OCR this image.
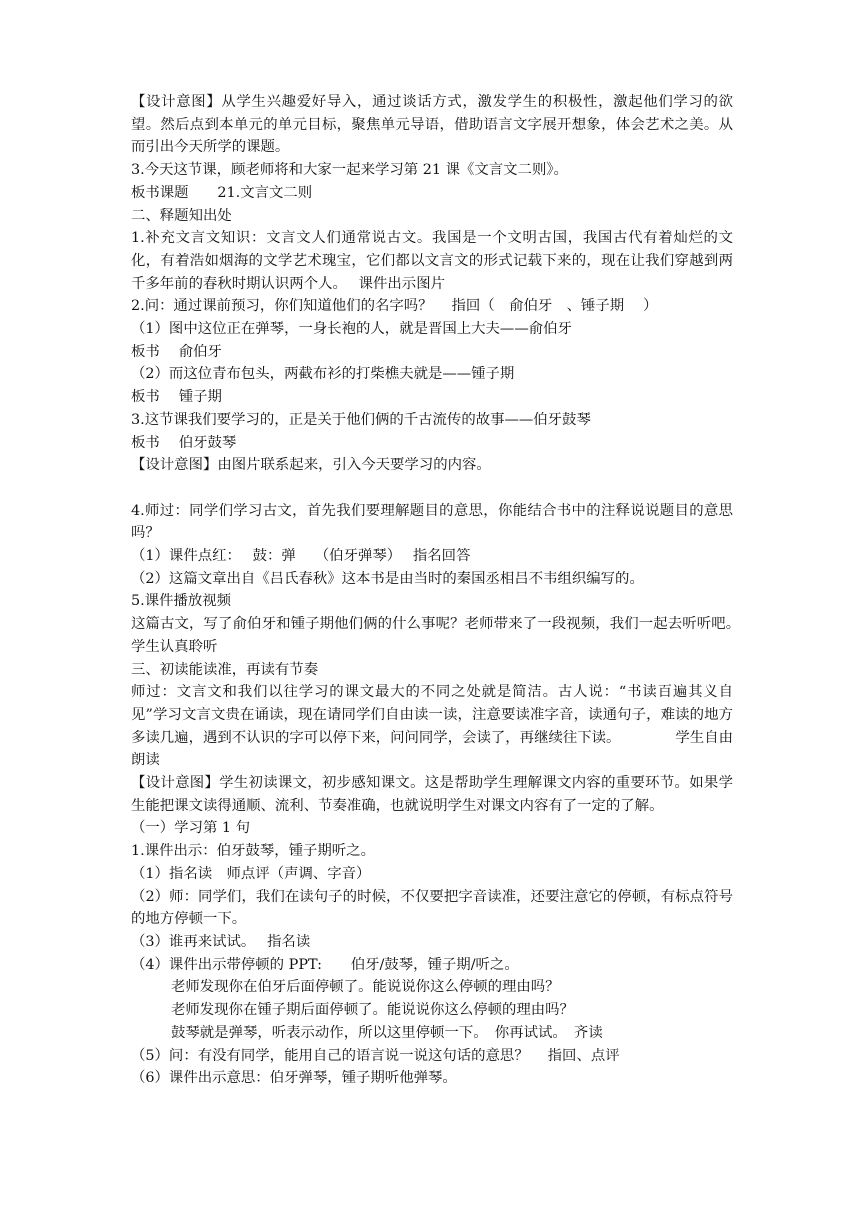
【设计意图】从学生兴趣爱好导入，通过谈话方式，激发学生的积极性，激起他们学习的欲望。然后点到本单元的单元目标，聚焦单元导语，借助语言文字展开想象，体会艺术之美。从而引出今天所学的课题。

3.今天这节课，顾老师将和大家一起来学习第 21 课《文言文二则》。

板书课题　　21.文言文二则

二、释题知出处

1.补充文言文知识：文言文人们通常说古文。我国是一个文明古国，我国古代有着灿烂的文化，有着浩如烟海的文学艺术瑰宝，它们都以文言文的形式记载下来的，现在让我们穿越到两千多年前的春秋时期认识两个人。　 课件出示图片

2.问：通过课前预习，你们知道他们的名字吗？　 指回（　俞伯牙　、锤子期　 ）

（1）图中这位正在弹琴，一身长袍的人，就是晋国上大夫——俞伯牙

板书　 俞伯牙

（2）而这位青布包头，两截布衫的打柴樵夫就是——锺子期

板书　 锺子期

3.这节课我们要学习的，正是关于他们俩的千古流传的故事——伯牙鼓琴

板书　 伯牙鼓琴

【设计意图】由图片联系起来，引入今天要学习的内容。

4.师过：同学们学习古文，首先我们要理解题目的意思，你能结合书中的注释说说题目的意思吗？

（1）课件点红：　 鼓：弹　 （伯牙弹琴）　 指名回答

（2）这篇文章出自《吕氏春秋》这本书是由当时的秦国丞相吕不韦组织编写的。

5.课件播放视频

这篇古文，写了俞伯牙和锺子期他们俩的什么事呢？老师带来了一段视频，我们一起去听听吧。　　　　　学生认真聆听

三、初读能读准，再读有节奏

师过：文言文和我们以往学习的课文最大的不同之处就是简洁。古人说：“书读百遍其义自见”学习文言文贵在诵读，现在请同学们自由读一读，注意要读准字音，读通句子，难读的地方多读几遍，遇到不认识的字可以停下来，问问同学，会读了，再继续往下读。　　　　 学生自由朗读

【设计意图】学生初读课文，初步感知课文。这是帮助学生理解课文内容的重要环节。如果学生能把课文读得通顺、流利、节奏准确，也就说明学生对课文内容有了一定的了解。

（一）学习第 1 句

1.课件出示：伯牙鼓琴，锺子期听之。

（1）指名读　师点评（声调、字音）

（2）师：同学们，我们在读句子的时候，不仅要把字音读准，还要注意它的停顿，有标点符号的地方停顿一下。

（3）谁再来试试。　 指名读

（4）课件出示带停顿的 PPT:　　伯牙/鼓琴，锺子期/听之。

老师发现你在伯牙后面停顿了。能说说你这么停顿的理由吗？

老师发现你在锺子期后面停顿了。能说说你这么停顿的理由吗？

鼓琴就是弹琴，听表示动作，所以这里停顿一下。　你再试试。　齐读

（5）问：有没有同学，能用自己的语言说一说这句话的意思？　 指回、点评

（6）课件出示意思：伯牙弹琴，锺子期听他弹琴。
